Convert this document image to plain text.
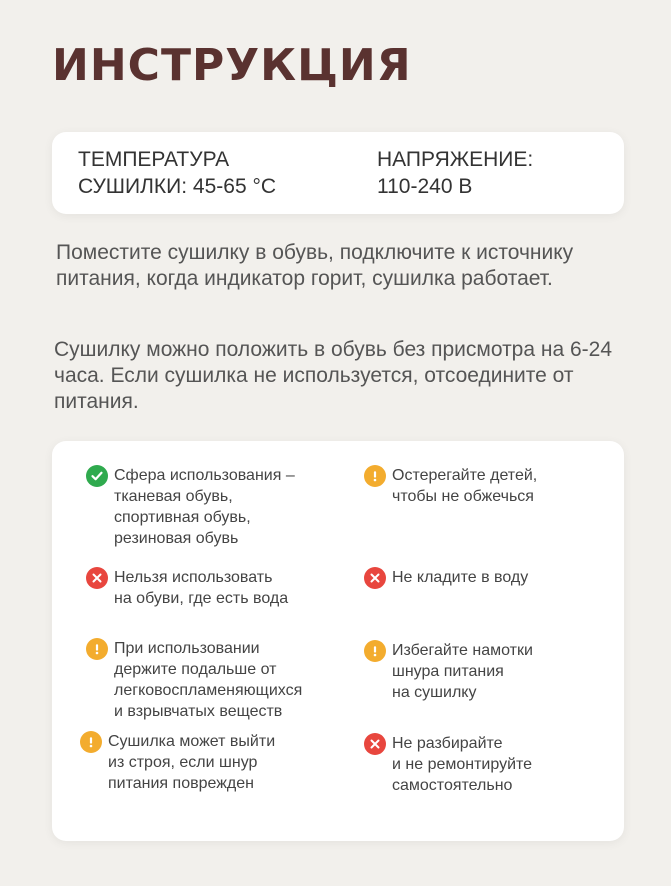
ИНСТРУКЦИЯ
ТЕМПЕРАТУРА
СУШИЛКИ: 45-65 °C
НАПРЯЖЕНИЕ:
110-240 В

Поместите сушилку в обувь, подключите к источнику питания, когда индикатор горит, сушилка работает.

Сушилку можно положить в обувь без присмотра на 6-24 часа. Если сушилка не используется, отсоедините от питания.

Сфера использования –
тканевая обувь,
спортивная обувь,
резиновая обувь
Остерегайте детей,
чтобы не обжечься
Нельзя использовать
на обуви, где есть вода
Не кладите в воду
При использовании
держите подальше от
легковоспламеняющихся
и взрывчатых веществ
Избегайте намотки
шнура питания
на сушилку
Сушилка может выйти
из строя, если шнур
питания поврежден
Не разбирайте
и не ремонтируйте
самостоятельно
